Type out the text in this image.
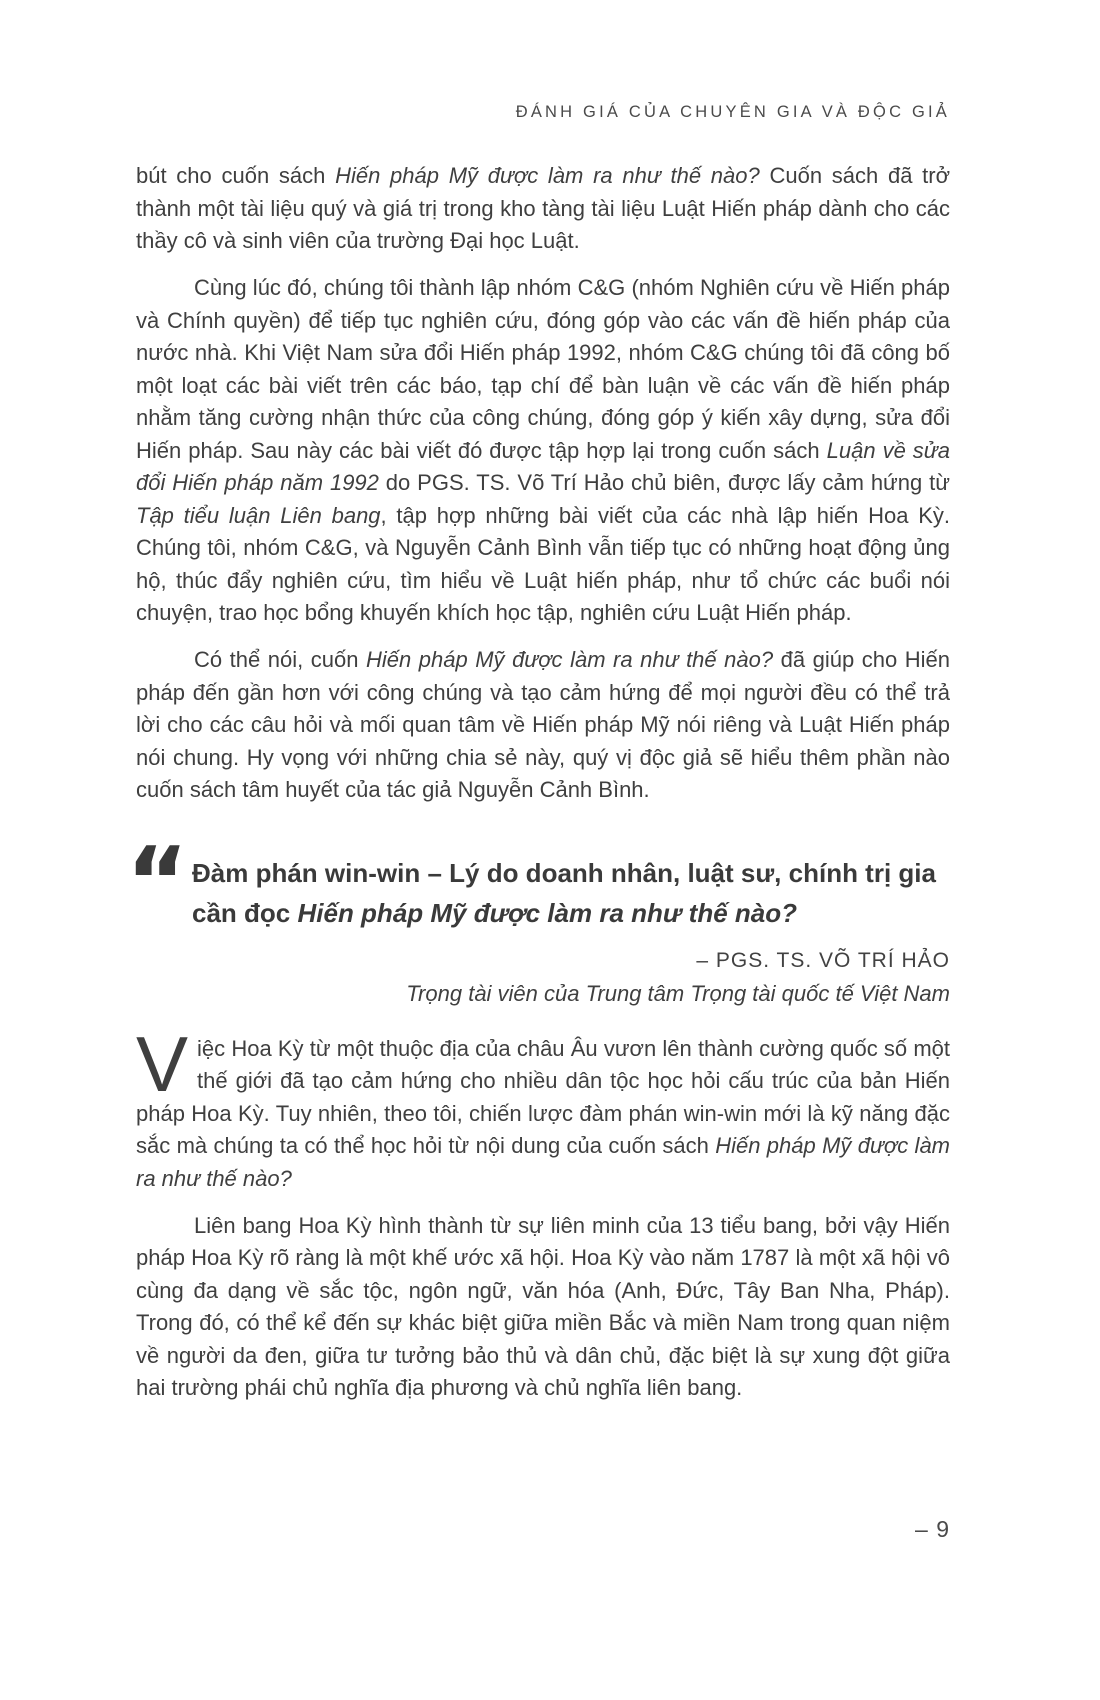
ĐÁNH GIÁ CỦA CHUYÊN GIA VÀ ĐỘC GIẢ

bút cho cuốn sách Hiến pháp Mỹ được làm ra như thế nào? Cuốn sách đã trở thành một tài liệu quý và giá trị trong kho tàng tài liệu Luật Hiến pháp dành cho các thầy cô và sinh viên của trường Đại học Luật.

Cùng lúc đó, chúng tôi thành lập nhóm C&G (nhóm Nghiên cứu về Hiến pháp và Chính quyền) để tiếp tục nghiên cứu, đóng góp vào các vấn đề hiến pháp của nước nhà. Khi Việt Nam sửa đổi Hiến pháp 1992, nhóm C&G chúng tôi đã công bố một loạt các bài viết trên các báo, tạp chí để bàn luận về các vấn đề hiến pháp nhằm tăng cường nhận thức của công chúng, đóng góp ý kiến xây dựng, sửa đổi Hiến pháp. Sau này các bài viết đó được tập hợp lại trong cuốn sách Luận về sửa đổi Hiến pháp năm 1992 do PGS. TS. Võ Trí Hảo chủ biên, được lấy cảm hứng từ Tập tiểu luận Liên bang, tập hợp những bài viết của các nhà lập hiến Hoa Kỳ. Chúng tôi, nhóm C&G, và Nguyễn Cảnh Bình vẫn tiếp tục có những hoạt động ủng hộ, thúc đẩy nghiên cứu, tìm hiểu về Luật hiến pháp, như tổ chức các buổi nói chuyện, trao học bổng khuyến khích học tập, nghiên cứu Luật Hiến pháp.

Có thể nói, cuốn Hiến pháp Mỹ được làm ra như thế nào? đã giúp cho Hiến pháp đến gần hơn với công chúng và tạo cảm hứng để mọi người đều có thể trả lời cho các câu hỏi và mối quan tâm về Hiến pháp Mỹ nói riêng và Luật Hiến pháp nói chung. Hy vọng với những chia sẻ này, quý vị độc giả sẽ hiểu thêm phần nào cuốn sách tâm huyết của tác giả Nguyễn Cảnh Bình.

“ Đàm phán win-win – Lý do doanh nhân, luật sư, chính trị gia cần đọc Hiến pháp Mỹ được làm ra như thế nào?
– PGS. TS. VÕ TRÍ HẢO
Trọng tài viên của Trung tâm Trọng tài quốc tế Việt Nam

Việc Hoa Kỳ từ một thuộc địa của châu Âu vươn lên thành cường quốc số một thế giới đã tạo cảm hứng cho nhiều dân tộc học hỏi cấu trúc của bản Hiến pháp Hoa Kỳ. Tuy nhiên, theo tôi, chiến lược đàm phán win-win mới là kỹ năng đặc sắc mà chúng ta có thể học hỏi từ nội dung của cuốn sách Hiến pháp Mỹ được làm ra như thế nào?

Liên bang Hoa Kỳ hình thành từ sự liên minh của 13 tiểu bang, bởi vậy Hiến pháp Hoa Kỳ rõ ràng là một khế ước xã hội. Hoa Kỳ vào năm 1787 là một xã hội vô cùng đa dạng về sắc tộc, ngôn ngữ, văn hóa (Anh, Đức, Tây Ban Nha, Pháp). Trong đó, có thể kể đến sự khác biệt giữa miền Bắc và miền Nam trong quan niệm về người da đen, giữa tư tưởng bảo thủ và dân chủ, đặc biệt là sự xung đột giữa hai trường phái chủ nghĩa địa phương và chủ nghĩa liên bang.

– 9
